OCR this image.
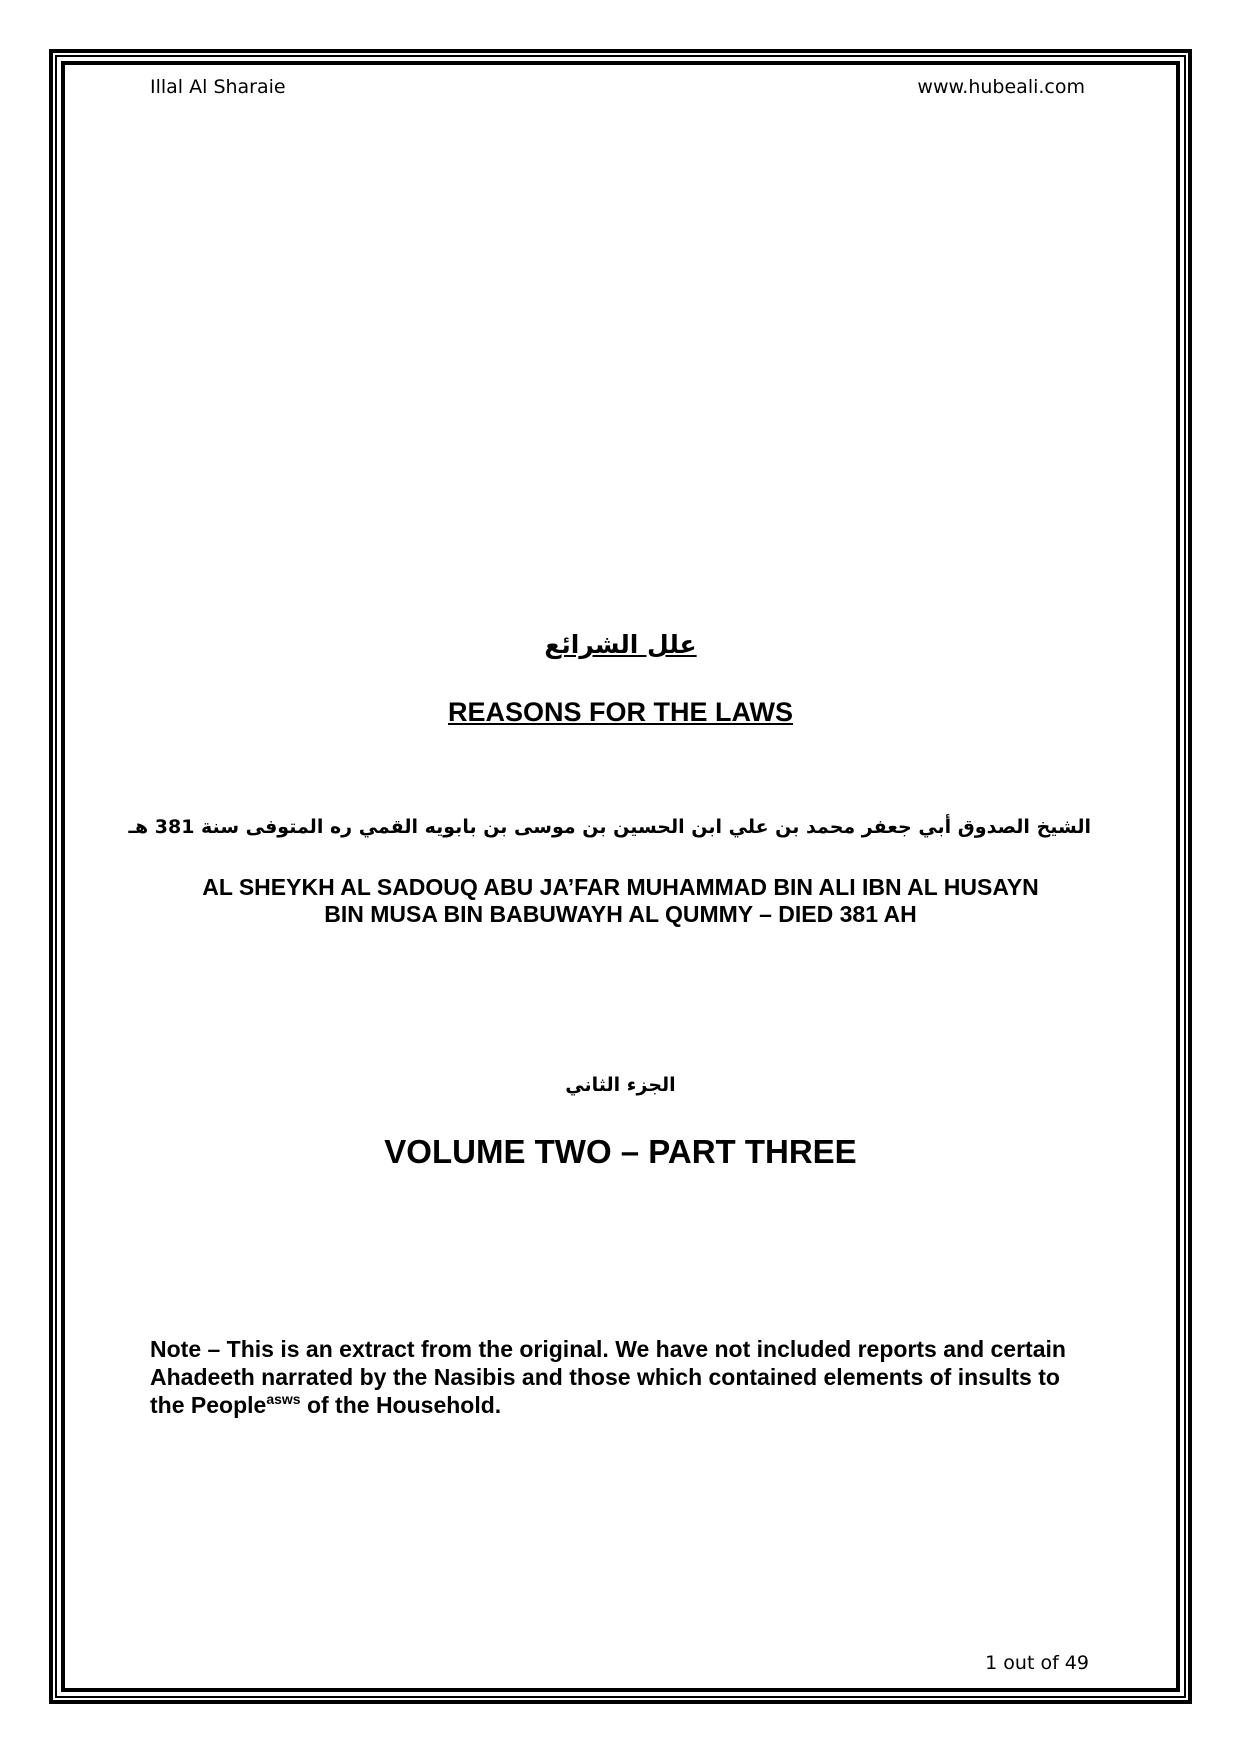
Illal Al Sharaie	www.hubeali.com
علل الشرائع
REASONS FOR THE LAWS
الشيخ الصدوق أبي جعفر محمد بن علي ابن الحسين بن موسى بن بابويه القمي ره المتوفى سنة 381 هـ
AL SHEYKH AL SADOUQ ABU JA’FAR MUHAMMAD BIN ALI IBN AL HUSAYN
BIN MUSA BIN BABUWAYH AL QUMMY – DIED 381 AH
الجزء الثاني
VOLUME TWO – PART THREE
Note – This is an extract from the original. We have not included reports and certain Ahadeeth narrated by the Nasibis and those which contained elements of insults to the People$^{asws}$ of the Household.
1 out of 49
